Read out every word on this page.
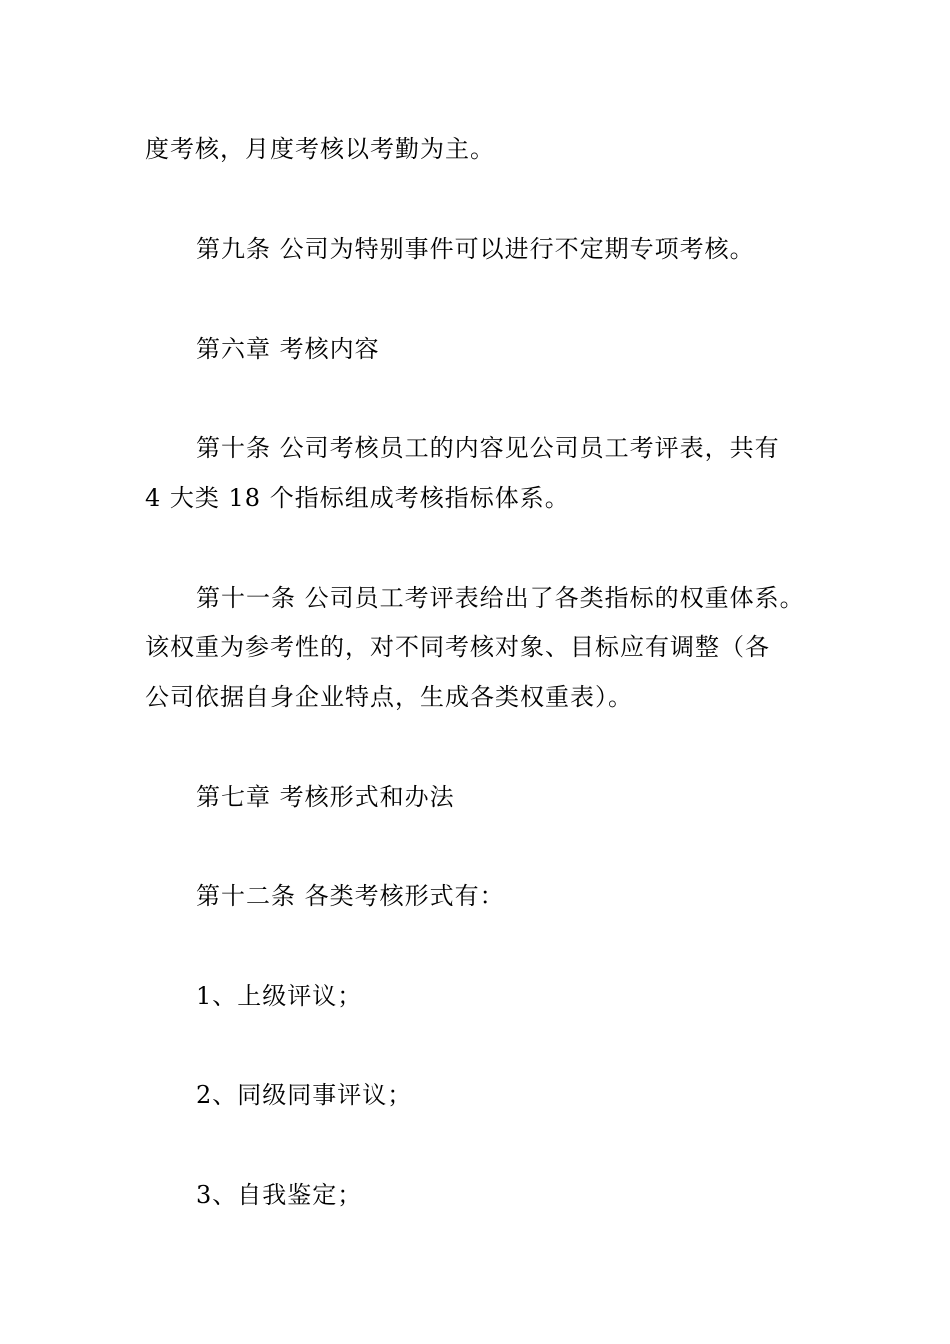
度考核，月度考核以考勤为主。
第九条 公司为特别事件可以进行不定期专项考核。
第六章 考核内容
第十条 公司考核员工的内容见公司员工考评表，共有
4 大类 18 个指标组成考核指标体系。
第十一条 公司员工考评表给出了各类指标的权重体系。
该权重为参考性的，对不同考核对象、目标应有调整（各
公司依据自身企业特点，生成各类权重表）。
第七章 考核形式和办法
第十二条 各类考核形式有：
1、上级评议；
2、同级同事评议；
3、自我鉴定；
